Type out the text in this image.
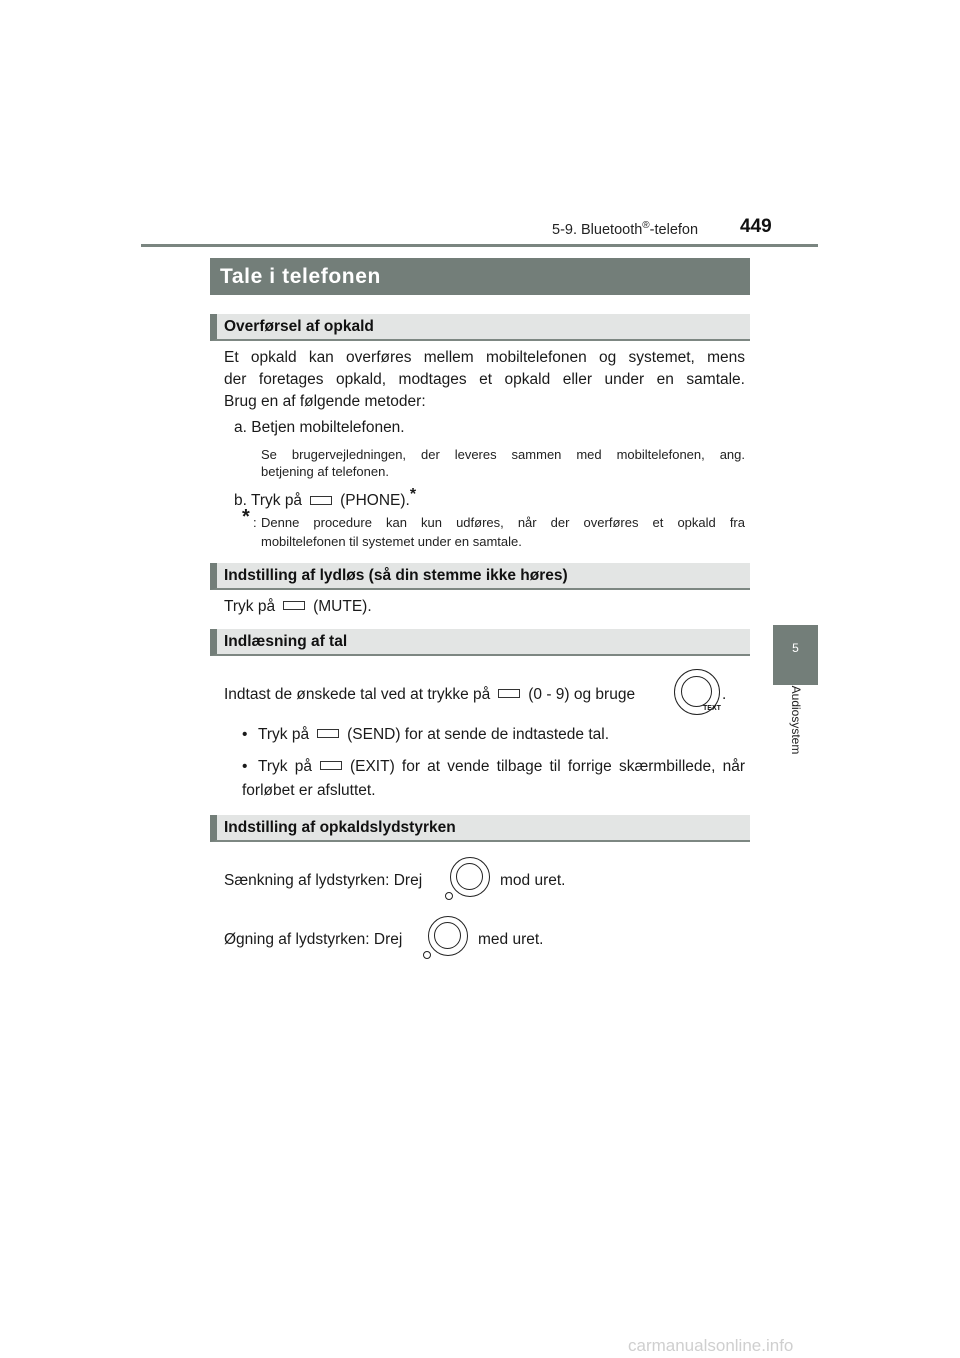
5-9. Bluetooth®-telefon 449
5
Audiosystem
Tale i telefonen
Overførsel af opkald
Et opkald kan overføres mellem mobiltelefonen og systemet, mens
der foretages opkald, modtages et opkald eller under en samtale.
Brug en af følgende metoder:
a. Betjen mobiltelefonen.
Se brugervejledningen, der leveres sammen med mobiltelefonen, ang.
betjening af telefonen.
b. Tryk på (PHONE).*
* : Denne procedure kan kun udføres, når der overføres et opkald fra
mobiltelefonen til systemet under en samtale.
Indstilling af lydløs (så din stemme ikke høres)
Tryk på (MUTE).
Indlæsning af tal
Indtast de ønskede tal ved at trykke på (0 - 9) og bruge
TEXT
.
• Tryk på (SEND) for at sende de indtastede tal.
• Tryk på (EXIT) for at vende tilbage til forrige skærmbillede, når
forløbet er afsluttet.
Indstilling af opkaldslydstyrken
Sænkning af lydstyrken: Drej	mod uret.
Øgning af lydstyrken: Drej	med uret.
carmanualsonline.info
